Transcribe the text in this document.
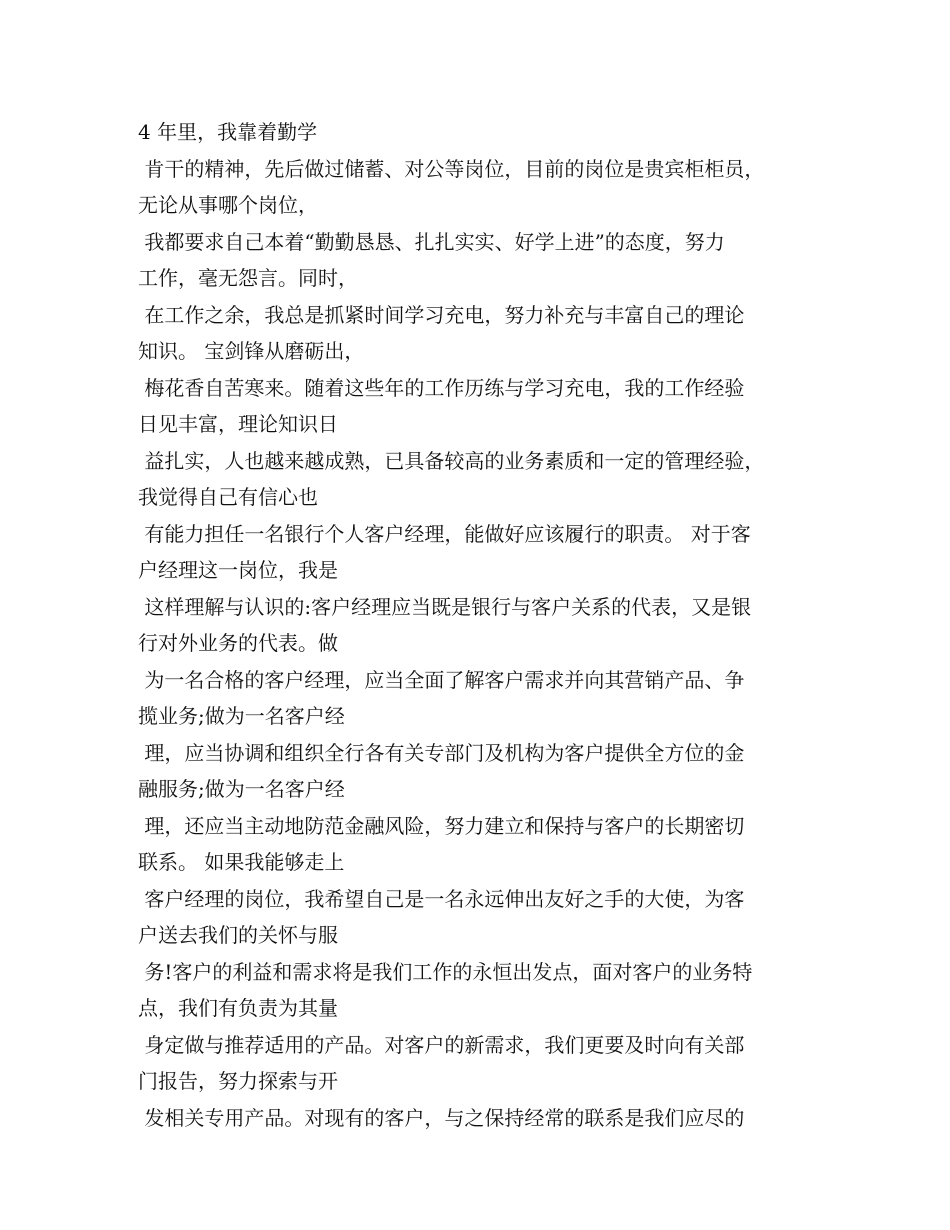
4 年里，我靠着勤学
肯干的精神，先后做过储蓄、对公等岗位，目前的岗位是贵宾柜柜员，
无论从事哪个岗位，
我都要求自己本着“勤勤恳恳、扎扎实实、好学上进”的态度，努力
工作，毫无怨言。同时，
在工作之余，我总是抓紧时间学习充电，努力补充与丰富自己的理论
知识。 宝剑锋从磨砺出，
梅花香自苦寒来。随着这些年的工作历练与学习充电，我的工作经验
日见丰富，理论知识日
益扎实，人也越来越成熟，已具备较高的业务素质和一定的管理经验，
我觉得自己有信心也
有能力担任一名银行个人客户经理，能做好应该履行的职责。 对于客
户经理这一岗位，我是
这样理解与认识的:客户经理应当既是银行与客户关系的代表，又是银
行对外业务的代表。做
为一名合格的客户经理，应当全面了解客户需求并向其营销产品、争
揽业务;做为一名客户经
理，应当协调和组织全行各有关专部门及机构为客户提供全方位的金
融服务;做为一名客户经
理，还应当主动地防范金融风险，努力建立和保持与客户的长期密切
联系。 如果我能够走上
客户经理的岗位，我希望自己是一名永远伸出友好之手的大使，为客
户送去我们的关怀与服
务!客户的利益和需求将是我们工作的永恒出发点，面对客户的业务特
点，我们有负责为其量
身定做与推荐适用的产品。对客户的新需求，我们更要及时向有关部
门报告，努力探索与开
发相关专用产品。对现有的客户，与之保持经常的联系是我们应尽的
